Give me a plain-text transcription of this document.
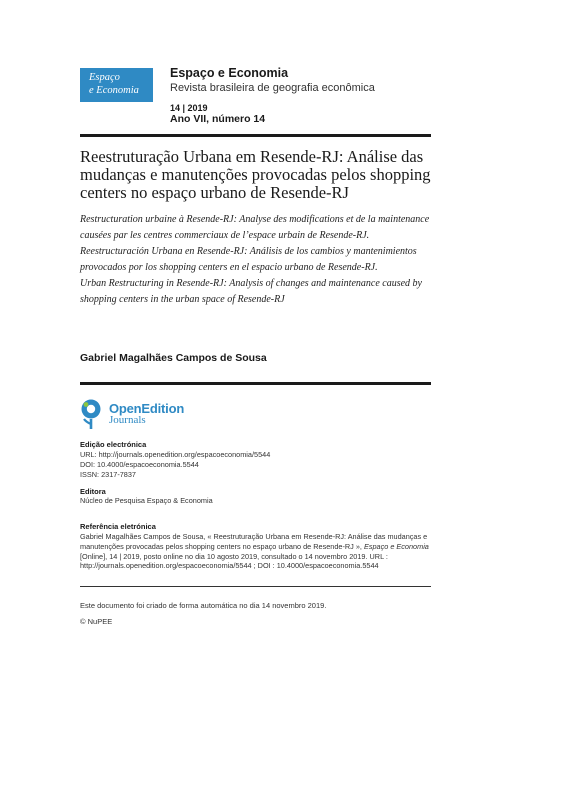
Espaço
e Economia
Espaço e Economia
Revista brasileira de geografia econômica
14 | 2019
Ano VII, número 14
Reestruturação Urbana em Resende-RJ: Análise das mudanças e manutenções provocadas pelos shopping centers no espaço urbano de Resende-RJ
Restructuration urbaine à Resende-RJ: Analyse des modifications et de la maintenance causées par les centres commerciaux de l’espace urbain de Resende-RJ.
Reestructuración Urbana en Resende-RJ: Análisis de los cambios y mantenimientos provocados por los shopping centers en el espacio urbano de Resende-RJ.
Urban Restructuring in Resende-RJ: Analysis of changes and maintenance caused by shopping centers in the urban space of Resende-RJ
Gabriel Magalhães Campos de Sousa
OpenEdition
Journals
Edição electrónica
URL: http://journals.openedition.org/espacoeconomia/5544
DOI: 10.4000/espacoeconomia.5544
ISSN: 2317-7837
Editora
Núcleo de Pesquisa Espaço & Economia
Referência eletrónica
Gabriel Magalhães Campos de Sousa, « Reestruturação Urbana em Resende-RJ: Análise das mudanças e manutenções provocadas pelos shopping centers no espaço urbano de Resende-RJ », Espaço e Economia [Online], 14 | 2019, posto online no dia 10 agosto 2019, consultado o 14 novembro 2019. URL : http://journals.openedition.org/espacoeconomia/5544 ; DOI : 10.4000/espacoeconomia.5544
Este documento foi criado de forma automática no dia 14 novembro 2019.
© NuPEE
